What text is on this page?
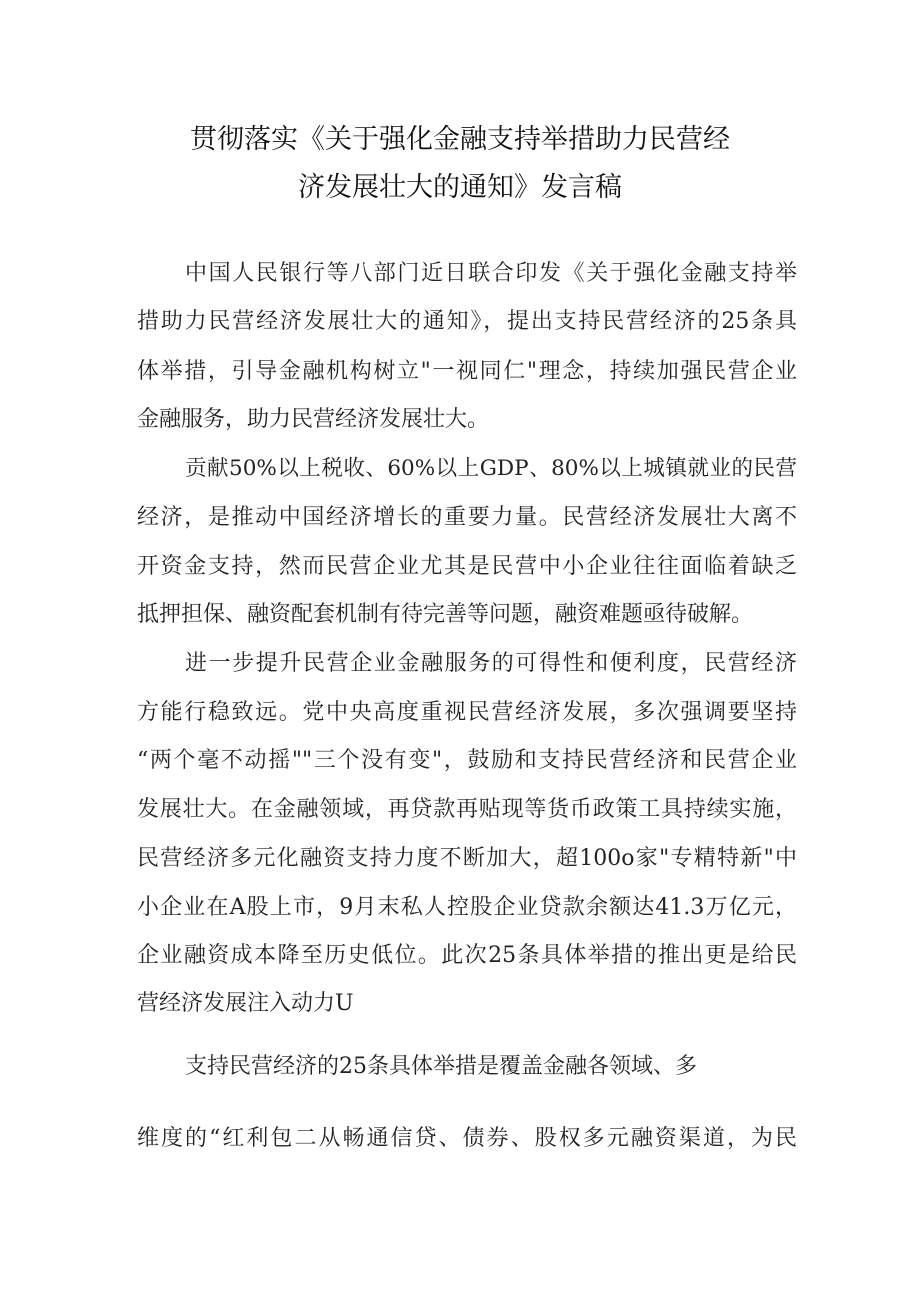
贯彻落实《关于强化金融支持举措助力民营经
济发展壮大的通知》发言稿
中国人民银行等八部门近日联合印发《关于强化金融支持举
措助力民营经济发展壮大的通知》，提出支持民营经济的25条具
体举措，引导金融机构树立"一视同仁"理念，持续加强民营企业
金融服务，助力民营经济发展壮大。
贡献50%以上税收、60%以上GDP、80%以上城镇就业的民营
经济，是推动中国经济增长的重要力量。民营经济发展壮大离不
开资金支持，然而民营企业尤其是民营中小企业往往面临着缺乏
抵押担保、融资配套机制有待完善等问题，融资难题亟待破解。
进一步提升民营企业金融服务的可得性和便利度，民营经济
方能行稳致远。党中央高度重视民营经济发展，多次强调要坚持
“两个毫不动摇""三个没有变"，鼓励和支持民营经济和民营企业
发展壮大。在金融领域，再贷款再贴现等货币政策工具持续实施，
民营经济多元化融资支持力度不断加大，超100o家"专精特新"中
小企业在A股上市，9月末私人控股企业贷款余额达41.3万亿元，
企业融资成本降至历史低位。此次25条具体举措的推出更是给民
营经济发展注入动力U
支持民营经济的25条具体举措是覆盖金融各领域、多
维度的“红利包二从畅通信贷、债券、股权多元融资渠道，为民
